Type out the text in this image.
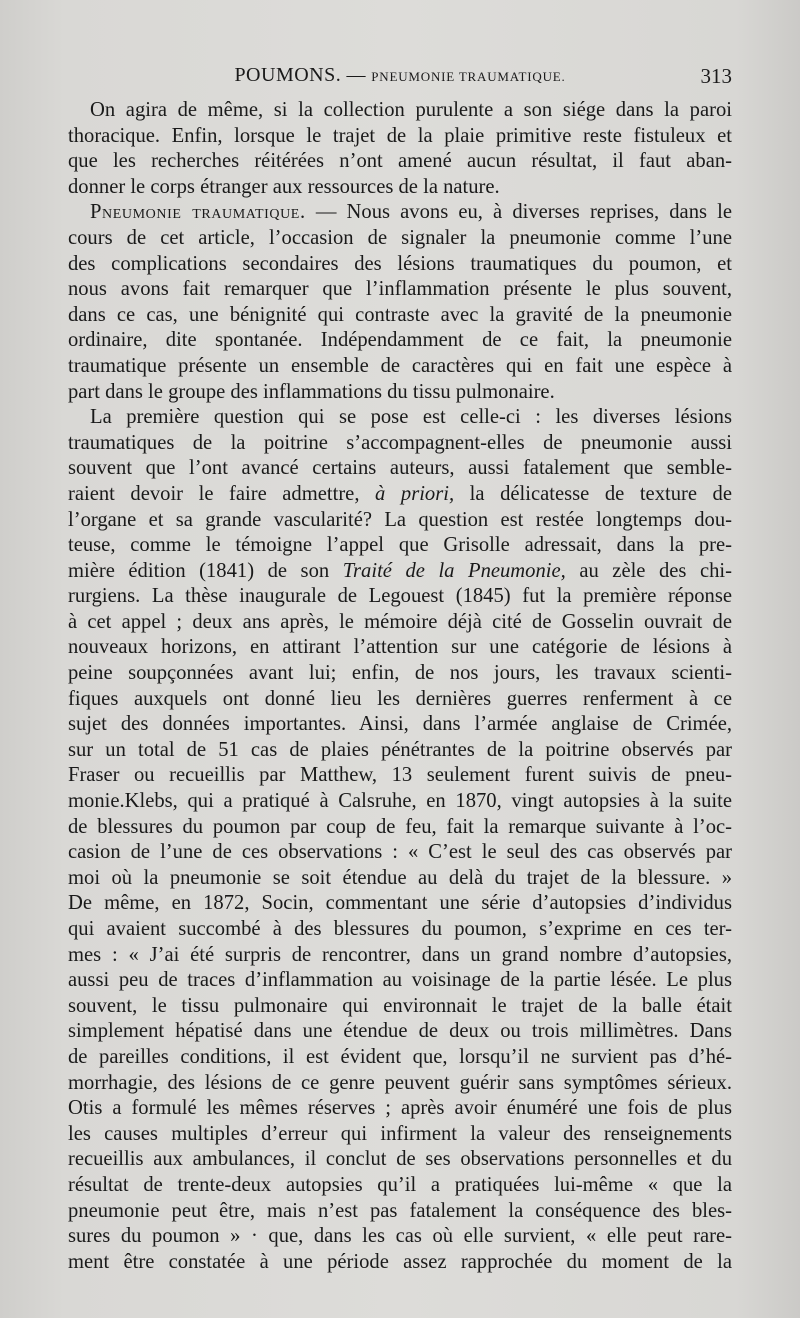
POUMONS. — PNEUMONIE TRAUMATIQUE.	313
On agira de même, si la collection purulente a son siége dans la paroi
thoracique. Enfin, lorsque le trajet de la plaie primitive reste fistuleux et
que les recherches réitérées n’ont amené aucun résultat, il faut aban-
donner le corps étranger aux ressources de la nature.
Pneumonie traumatique. — Nous avons eu, à diverses reprises, dans le
cours de cet article, l’occasion de signaler la pneumonie comme l’une
des complications secondaires des lésions traumatiques du poumon, et
nous avons fait remarquer que l’inflammation présente le plus souvent,
dans ce cas, une bénignité qui contraste avec la gravité de la pneumonie
ordinaire, dite spontanée. Indépendamment de ce fait, la pneumonie
traumatique présente un ensemble de caractères qui en fait une espèce à
part dans le groupe des inflammations du tissu pulmonaire.
La première question qui se pose est celle-ci : les diverses lésions
traumatiques de la poitrine s’accompagnent-elles de pneumonie aussi
souvent que l’ont avancé certains auteurs, aussi fatalement que semble-
raient devoir le faire admettre, à priori, la délicatesse de texture de
l’organe et sa grande vascularité? La question est restée longtemps dou-
teuse, comme le témoigne l’appel que Grisolle adressait, dans la pre-
mière édition (1841) de son Traité de la Pneumonie, au zèle des chi-
rurgiens. La thèse inaugurale de Legouest (1845) fut la première réponse
à cet appel ; deux ans après, le mémoire déjà cité de Gosselin ouvrait de
nouveaux horizons, en attirant l’attention sur une catégorie de lésions à
peine soupçonnées avant lui; enfin, de nos jours, les travaux scienti-
fiques auxquels ont donné lieu les dernières guerres renferment à ce
sujet des données importantes. Ainsi, dans l’armée anglaise de Crimée,
sur un total de 51 cas de plaies pénétrantes de la poitrine observés par
Fraser ou recueillis par Matthew, 13 seulement furent suivis de pneu-
monie.Klebs, qui a pratiqué à Calsruhe, en 1870, vingt autopsies à la suite
de blessures du poumon par coup de feu, fait la remarque suivante à l’oc-
casion de l’une de ces observations : « C’est le seul des cas observés par
moi où la pneumonie se soit étendue au delà du trajet de la blessure. »
De même, en 1872, Socin, commentant une série d’autopsies d’individus
qui avaient succombé à des blessures du poumon, s’exprime en ces ter-
mes : « J’ai été surpris de rencontrer, dans un grand nombre d’autopsies,
aussi peu de traces d’inflammation au voisinage de la partie lésée. Le plus
souvent, le tissu pulmonaire qui environnait le trajet de la balle était
simplement hépatisé dans une étendue de deux ou trois millimètres. Dans
de pareilles conditions, il est évident que, lorsqu’il ne survient pas d’hé-
morrhagie, des lésions de ce genre peuvent guérir sans symptômes sérieux.
Otis a formulé les mêmes réserves ; après avoir énuméré une fois de plus
les causes multiples d’erreur qui infirment la valeur des renseignements
recueillis aux ambulances, il conclut de ses observations personnelles et du
résultat de trente-deux autopsies qu’il a pratiquées lui-même « que la
pneumonie peut être, mais n’est pas fatalement la conséquence des bles-
sures du poumon » · que, dans les cas où elle survient, « elle peut rare-
ment être constatée à une période assez rapprochée du moment de la
